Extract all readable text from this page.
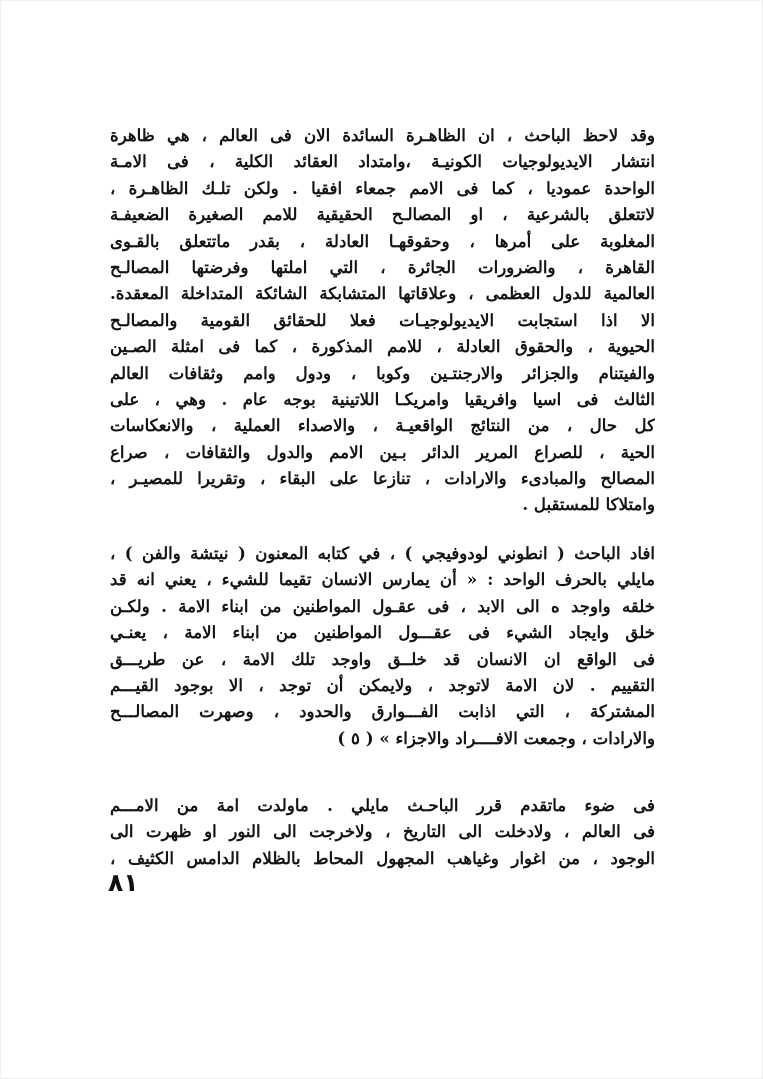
وقد لاحظ الباحث ، ان الظاهـرة السائدة الان فى العالم ، هي ظاهرة
انتشار الايديولوجيات الكونيـة ،وامتداد العقائد الكلية ، فى الامـة
الواحدة عموديا ، كما فى الامم جمعاء افقيا . ولكن تلـك الظاهـرة ،
لاتتعلق بالشرعية ، او المصالـح الحقيقية للامم الصغيرة الضعيفـة
المغلوبة على أمرها ، وحقوقهـا العادلة ، بقدر ماتتعلق بالقـوى
القاهرة ، والضرورات الجائرة ، التي املتها وفرضتها المصالـح
العالمية للدول العظمى ، وعلاقاتها المتشابكة الشائكة المتداخلة المعقدة.
الا اذا استجابت الايديولوجيـات فعلا للحقائق القومية والمصالـح
الحيوية ، والحقوق العادلة ، للامم المذكورة ، كما فى امثلة الصـين
والفيتنام والجزائر والارجنتـين وكوبا ، ودول وامم وثقافات العالم
الثالث فى اسيا وافريقيا وامريكـا اللاتينية بوجه عام . وهي ، على
كل حال ، من النتائج الواقعيـة ، والاصداء العملية ، والانعكاسات
الحية ، للصراع المرير الدائر بـين الامم والدول والثقافات ، صراع
المصالح والمبادىء والارادات ، تنازعا على البقاء ، وتقريرا للمصيـر ،
وامتلاكا للمستقبل .
افاد الباحث ( انطوني لودوفيجي ) ، في كتابه المعنون ( نيتشة والفن ) ،
مايلي بالحرف الواحد : « أن يمارس الانسان تقيما للشيء ، يعني انه قد
خلقه واوجد ه الى الابد ، فى عقـول المواطنين من ابناء الامة . ولكـن
خلق وايجاد الشيء فى عقـــول المواطنين من ابناء الامة ، يعنـي
فى الواقع ان الانسان قد خلــق واوجد تلك الامة ، عن طريـــق
التقييم . لان الامة لاتوجد ، ولايمكن أن توجد ، الا بوجود القيـــم
المشتركة ، التي اذابت الفـــوارق والحدود ، وصهرت المصالـــح
والارادات ، وجمعت الافــــراد والاجزاء » ( ٥ )
فى ضوء ماتقدم قرر الباحـث مايلي . ماولدت امة من الامـــم
فى العالم ، ولادخلت الى التاريخ ، ولاخرجت الى النور او ظهرت الى
الوجود ، من اغوار وغياهب المجهول المحاط بالظلام الدامس الكثيف ،
٨١
